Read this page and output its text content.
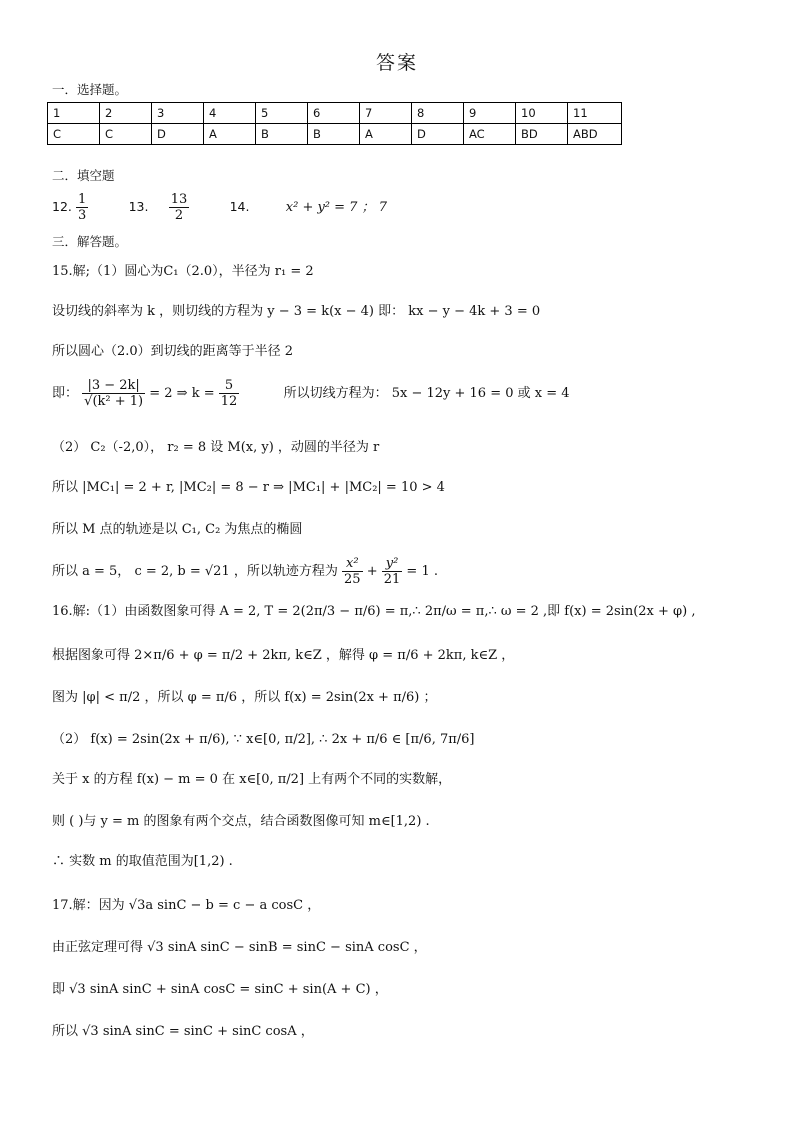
答案
一．选择题。
1	2	3	4	5	6	7	8	9	10	11
C	C	D	A	B	B	A	D	AC	BD	ABD
二．填空题
12. $\frac{1}{3}$	13. $\frac{13}{2}$	14.	x² + y² = 7 ； 7
三．解答题。
15.解;（1）圆心为C₁（2.0），半径为 r₁ = 2
设切线的斜率为 k ，则切线的方程为 y − 3 = k(x − 4) 即： kx − y − 4k + 3 = 0
所以圆心（2.0）到切线的距离等于半径 2
即： $\frac{|3 - 2k|}{\text{√(k² + 1)}} = 2$ ⇒ $k = \frac{5}{12}$	所以切线方程为： 5x − 12y + 16 = 0 或 x = 4
（2） C₂（-2,0）， r₂ = 8 设 M(x, y) ，动圆的半径为 r
所以 |MC₁| = 2 + r, |MC₂| = 8 − r ⇒ |MC₁| + |MC₂| = 10 > 4
所以 M 点的轨迹是以 C₁, C₂ 为焦点的椭圆
所以 a = 5， c = 2, b = √21 ，所以轨迹方程为 $\frac{\text{x²}}{25} + \frac{\text{y²}}{21} = 1$ .
16.解:（1）由函数图象可得 A = 2, T = 2(2π/3 − π/6) = π,∴ 2π/ω = π,∴ ω = 2 ,即 f(x) = 2sin(2x + φ) ,
根据图象可得 2×π/6 + φ = π/2 + 2kπ, k∈Z ，解得 φ = π/6 + 2kπ, k∈Z ，
图为 |φ| < π/2 ，所以 φ = π/6 ，所以 f(x) = 2sin(2x + π/6) ；
（2） f(x) = 2sin(2x + π/6), ∵ x∈[0, π/2], ∴ 2x + π/6 ∈ [π/6, 7π/6]
关于 x 的方程 f(x) − m = 0 在 x∈[0, π/2] 上有两个不同的实数解，
则 ( )与 y = m 的图象有两个交点，结合函数图像可知 m∈[1,2) .
∴ 实数 m 的取值范围为[1,2) .
17.解：因为 √3a sinC − b = c − a cosC ，
由正弦定理可得 √3 sinA sinC − sinB = sinC − sinA cosC ，
即 √3 sinA sinC + sinA cosC = sinC + sin(A + C) ，
所以 √3 sinA sinC = sinC + sinC cosA ，
